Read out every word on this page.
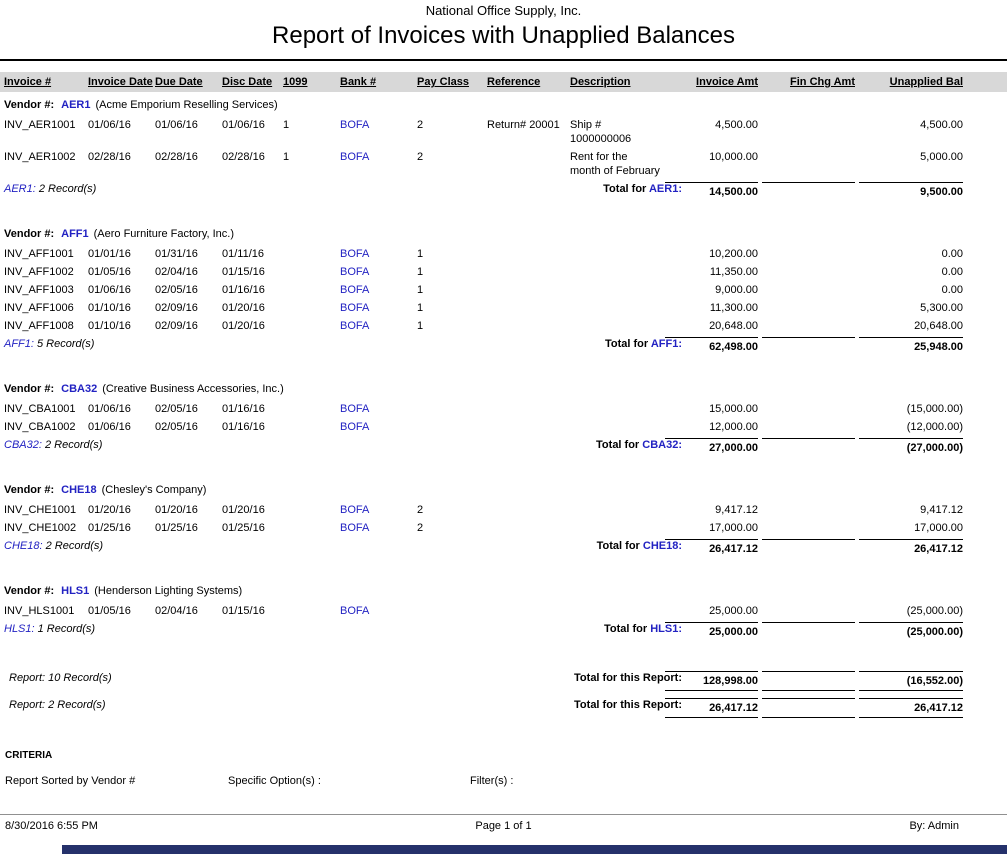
National Office Supply, Inc.
Report of Invoices with Unapplied Balances
Invoice #	Invoice Date	Due Date	Disc Date	1099	Bank #	Pay Class	Reference	Description	Invoice Amt	Fin Chg Amt	Unapplied Bal
Vendor #: AER1 (Acme Emporium Reselling Services)											
INV_AER1001	01/06/16	01/06/16	01/06/16	1	BOFA	2	Return# 20001	Ship # 1000000006	4,500.00		4,500.00
INV_AER1002	02/28/16	02/28/16	02/28/16	1	BOFA	2		Rent for the month of February	10,000.00		5,000.00

AER1: 2 Record(s) Total for AER1:									14,500.00		9,500.00

Vendor #: AFF1 (Aero Furniture Factory, Inc.)											
INV_AFF1001	01/01/16	01/31/16	01/11/16		BOFA	1			10,200.00		0.00
INV_AFF1002	01/05/16	02/04/16	01/15/16		BOFA	1			11,350.00		0.00
INV_AFF1003	01/06/16	02/05/16	01/16/16		BOFA	1			9,000.00		0.00
INV_AFF1006	01/10/16	02/09/16	01/20/16		BOFA	1			11,300.00		5,300.00
INV_AFF1008	01/10/16	02/09/16	01/20/16		BOFA	1			20,648.00		20,648.00

AFF1: 5 Record(s) Total for AFF1:									62,498.00		25,948.00

Vendor #: CBA32 (Creative Business Accessories, Inc.)											
INV_CBA1001	01/06/16	02/05/16	01/16/16		BOFA				15,000.00		(15,000.00)
INV_CBA1002	01/06/16	02/05/16	01/16/16		BOFA				12,000.00		(12,000.00)

CBA32: 2 Record(s) Total for CBA32:									27,000.00		(27,000.00)

Vendor #: CHE18 (Chesley's Company)											
INV_CHE1001	01/20/16	01/20/16	01/20/16		BOFA	2			9,417.12		9,417.12
INV_CHE1002	01/25/16	01/25/16	01/25/16		BOFA	2			17,000.00		17,000.00

CHE18: 2 Record(s) Total for CHE18:									26,417.12		26,417.12

Vendor #: HLS1 (Henderson Lighting Systems)											
INV_HLS1001	01/05/16	02/04/16	01/15/16		BOFA				25,000.00		(25,000.00)

HLS1: 1 Record(s) Total for HLS1:									25,000.00		(25,000.00)

Report: 10 Record(s) Total for this Report:									128,998.00		(16,552.00)

Report: 2 Record(s) Total for this Report:									26,417.12		26,417.12
CRITERIA
Report Sorted by Vendor #	Specific Option(s) :	Filter(s) :
8/30/2016 6:55 PM	Page 1 of 1	By: Admin
